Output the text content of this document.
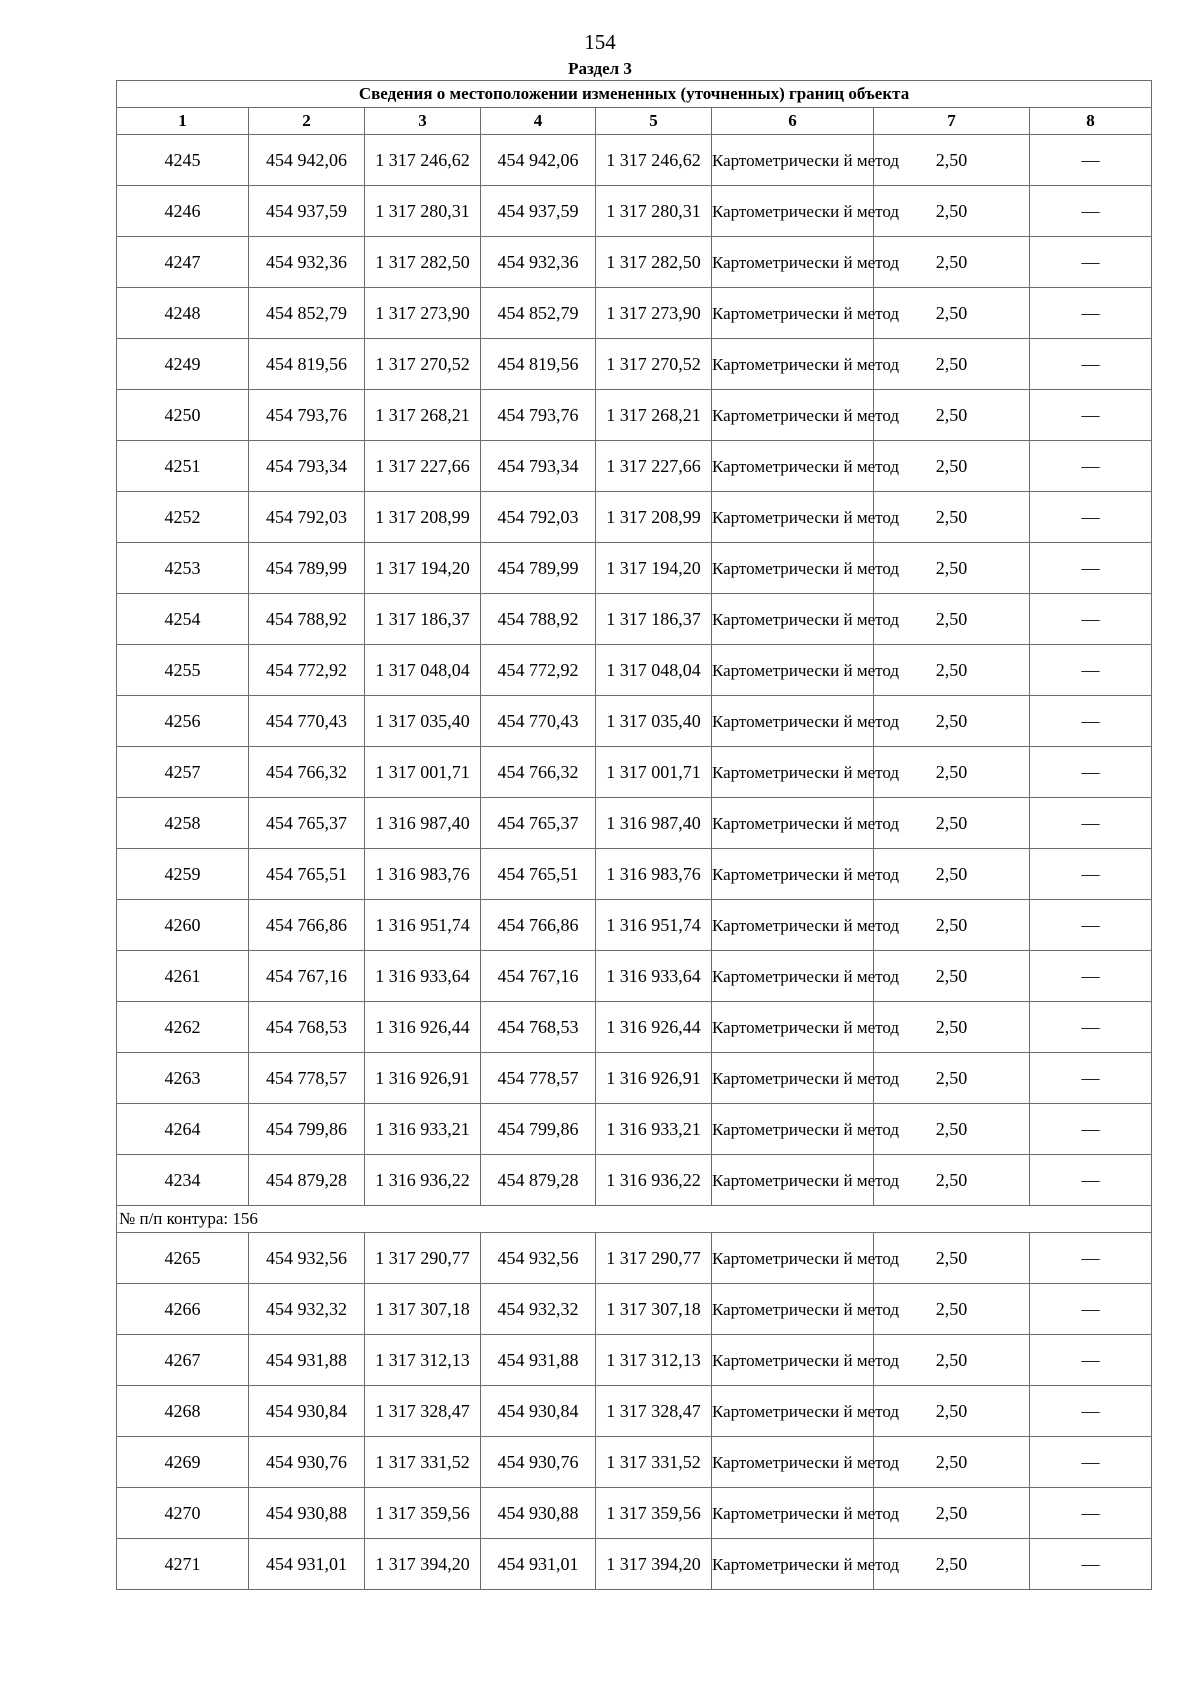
154
Раздел 3
Сведения о местоположении измененных (уточненных) границ объекта							
1	2	3	4	5	6	7	8
4245	454 942,06	1 317 246,62	454 942,06	1 317 246,62	Картометрически й метод	2,50	—
4246	454 937,59	1 317 280,31	454 937,59	1 317 280,31	Картометрически й метод	2,50	—
4247	454 932,36	1 317 282,50	454 932,36	1 317 282,50	Картометрически й метод	2,50	—
4248	454 852,79	1 317 273,90	454 852,79	1 317 273,90	Картометрически й метод	2,50	—
4249	454 819,56	1 317 270,52	454 819,56	1 317 270,52	Картометрически й метод	2,50	—
4250	454 793,76	1 317 268,21	454 793,76	1 317 268,21	Картометрически й метод	2,50	—
4251	454 793,34	1 317 227,66	454 793,34	1 317 227,66	Картометрически й метод	2,50	—
4252	454 792,03	1 317 208,99	454 792,03	1 317 208,99	Картометрически й метод	2,50	—
4253	454 789,99	1 317 194,20	454 789,99	1 317 194,20	Картометрически й метод	2,50	—
4254	454 788,92	1 317 186,37	454 788,92	1 317 186,37	Картометрически й метод	2,50	—
4255	454 772,92	1 317 048,04	454 772,92	1 317 048,04	Картометрически й метод	2,50	—
4256	454 770,43	1 317 035,40	454 770,43	1 317 035,40	Картометрически й метод	2,50	—
4257	454 766,32	1 317 001,71	454 766,32	1 317 001,71	Картометрически й метод	2,50	—
4258	454 765,37	1 316 987,40	454 765,37	1 316 987,40	Картометрически й метод	2,50	—
4259	454 765,51	1 316 983,76	454 765,51	1 316 983,76	Картометрически й метод	2,50	—
4260	454 766,86	1 316 951,74	454 766,86	1 316 951,74	Картометрически й метод	2,50	—
4261	454 767,16	1 316 933,64	454 767,16	1 316 933,64	Картометрически й метод	2,50	—
4262	454 768,53	1 316 926,44	454 768,53	1 316 926,44	Картометрически й метод	2,50	—
4263	454 778,57	1 316 926,91	454 778,57	1 316 926,91	Картометрически й метод	2,50	—
4264	454 799,86	1 316 933,21	454 799,86	1 316 933,21	Картометрически й метод	2,50	—
4234	454 879,28	1 316 936,22	454 879,28	1 316 936,22	Картометрически й метод	2,50	—
№ п/п контура: 156							
4265	454 932,56	1 317 290,77	454 932,56	1 317 290,77	Картометрически й метод	2,50	—
4266	454 932,32	1 317 307,18	454 932,32	1 317 307,18	Картометрически й метод	2,50	—
4267	454 931,88	1 317 312,13	454 931,88	1 317 312,13	Картометрически й метод	2,50	—
4268	454 930,84	1 317 328,47	454 930,84	1 317 328,47	Картометрически й метод	2,50	—
4269	454 930,76	1 317 331,52	454 930,76	1 317 331,52	Картометрически й метод	2,50	—
4270	454 930,88	1 317 359,56	454 930,88	1 317 359,56	Картометрически й метод	2,50	—
4271	454 931,01	1 317 394,20	454 931,01	1 317 394,20	Картометрически й метод	2,50	—
